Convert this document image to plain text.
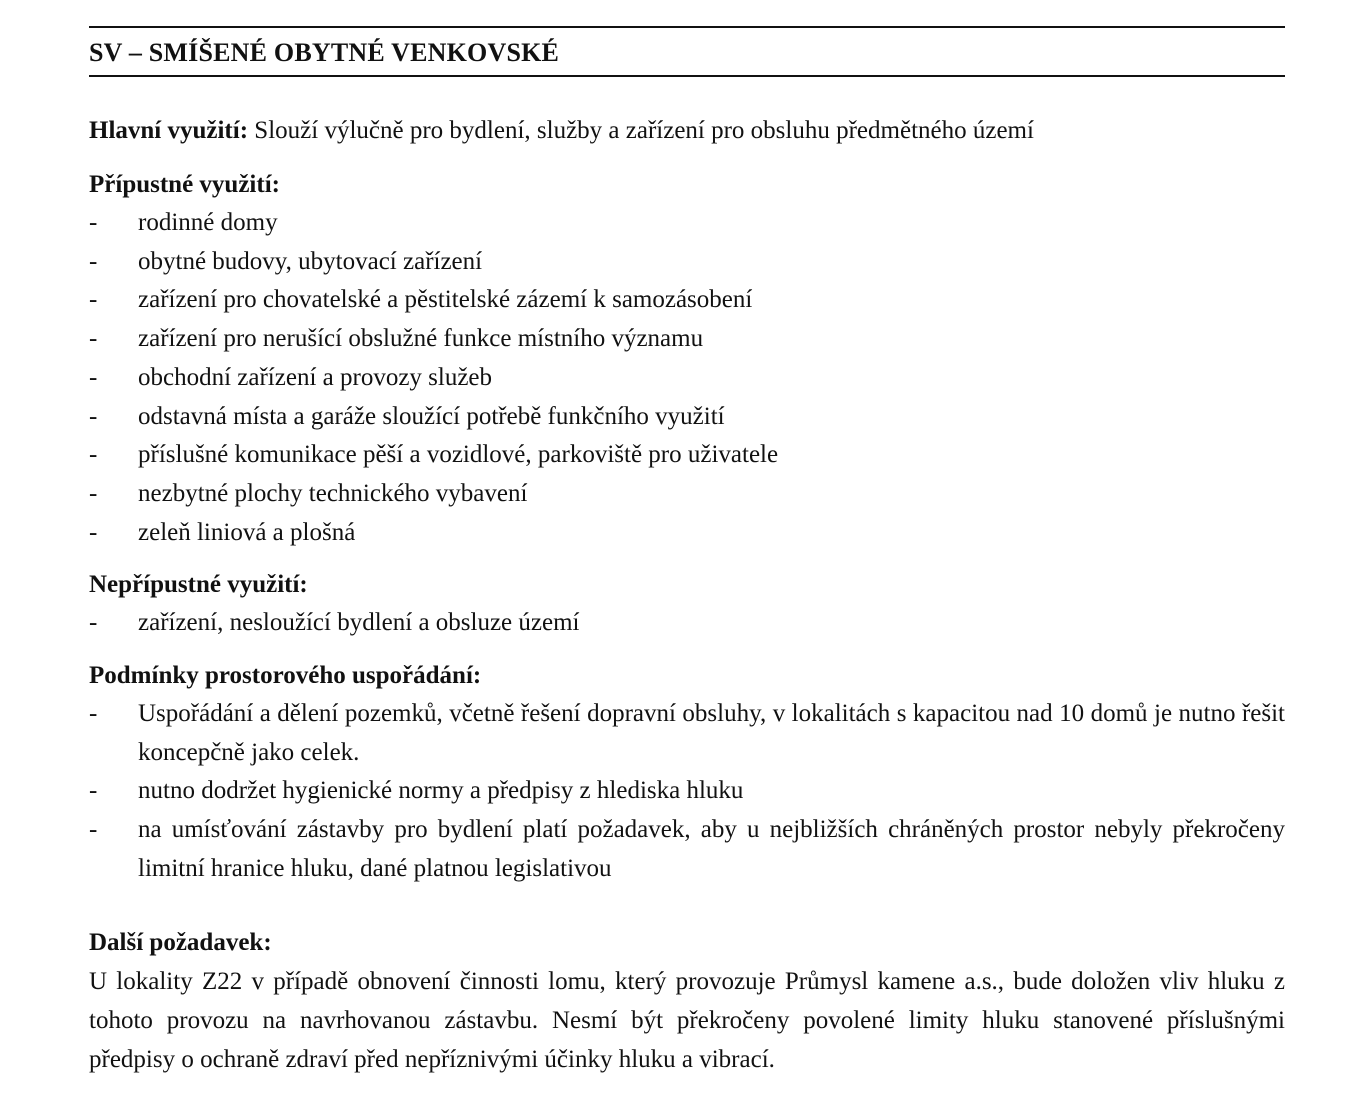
SV – SMÍŠENÉ OBYTNÉ VENKOVSKÉ
Hlavní využití: Slouží výlučně pro bydlení, služby a zařízení pro obsluhu předmětného území
Přípustné využití:
- rodinné domy
- obytné budovy, ubytovací zařízení
- zařízení pro chovatelské a pěstitelské zázemí k samozásobení
- zařízení pro nerušící obslužné funkce místního významu
- obchodní zařízení a provozy služeb
- odstavná místa a garáže sloužící potřebě funkčního využití
- příslušné komunikace pěší a vozidlové, parkoviště pro uživatele
- nezbytné plochy technického vybavení
- zeleň liniová a plošná
Nepřípustné využití:
- zařízení, nesloužící bydlení a obsluze území
Podmínky prostorového uspořádání:
- Uspořádání a dělení pozemků, včetně řešení dopravní obsluhy, v lokalitách s kapacitou nad 10 domů je nutno řešit koncepčně jako celek.
- nutno dodržet hygienické normy a předpisy z hlediska hluku
- na umísťování zástavby pro bydlení platí požadavek, aby u nejbližších chráněných prostor nebyly překročeny limitní hranice hluku, dané platnou legislativou
Další požadavek:
U lokality Z22 v případě obnovení činnosti lomu, který provozuje Průmysl kamene a.s., bude doložen vliv hluku z tohoto provozu na navrhovanou zástavbu. Nesmí být překročeny povolené limity hluku stanovené příslušnými předpisy o ochraně zdraví před nepříznivými účinky hluku a vibrací.
